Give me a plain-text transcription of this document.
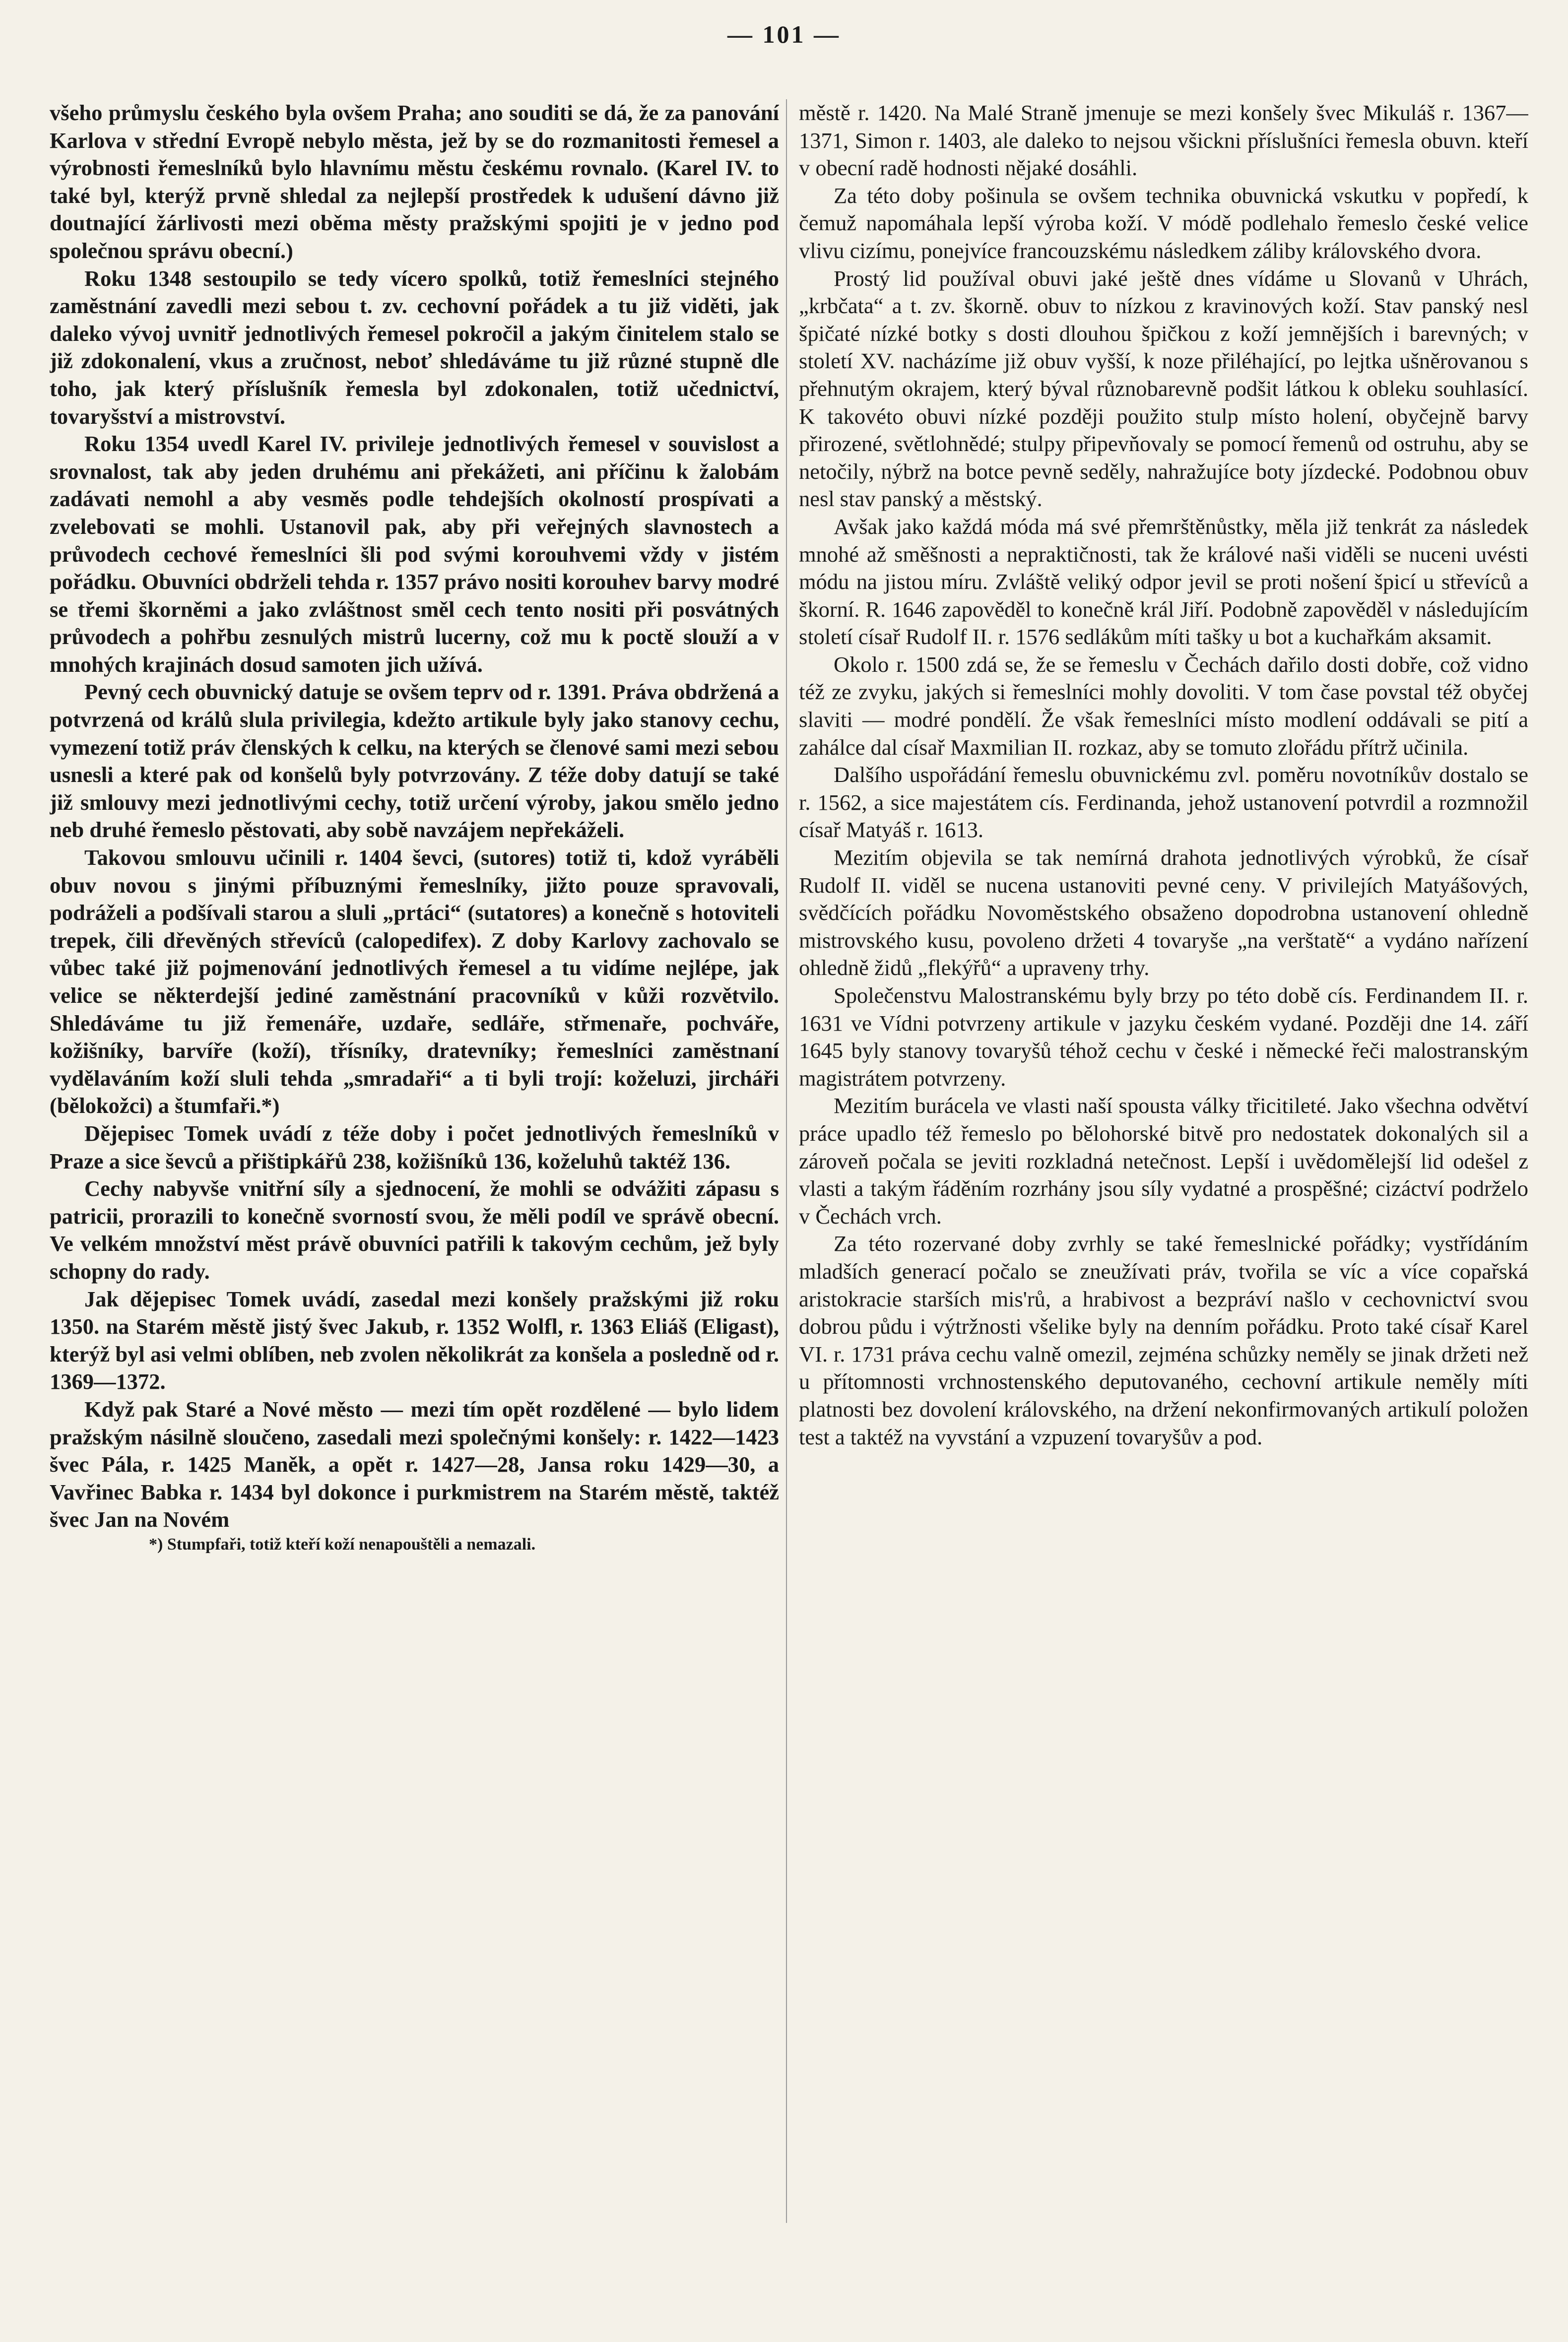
— 101 —

všeho průmyslu českého byla ovšem Praha; ano souditi se dá, že za panování Karlova v střední Evropě nebylo města, jež by se do rozmanitosti řemesel a výrobnosti řemeslníků bylo hlavnímu městu českému rovnalo. (Karel IV. to také byl, kterýž prvně shledal za nejlepší prostředek k udušení dávno již doutnající žárlivosti mezi oběma městy pražskými spojiti je v jedno pod společnou správu obecní.)

Roku 1348 sestoupilo se tedy vícero spolků, totiž řemeslníci stejného zaměstnání zavedli mezi sebou t. zv. cechovní pořádek a tu již viděti, jak daleko vývoj uvnitř jednotlivých řemesel pokročil a jakým činitelem stalo se již zdokonalení, vkus a zručnost, neboť shledáváme tu již různé stupně dle toho, jak který příslušník řemesla byl zdokonalen, totiž učednictví, tovaryšství a mistrovství.

Roku 1354 uvedl Karel IV. privileje jednotlivých řemesel v souvislost a srovnalost, tak aby jeden druhému ani překážeti, ani příčinu k žalobám zadávati nemohl a aby vesměs podle tehdejších okolností prospívati a zvelebovati se mohli. Ustanovil pak, aby při veřejných slavnostech a průvodech cechové řemeslníci šli pod svými korouhvemi vždy v jistém pořádku. Obuvníci obdrželi tehda r. 1357 právo nositi korouhev barvy modré se třemi škorněmi a jako zvláštnost směl cech tento nositi při posvátných průvodech a pohřbu zesnulých mistrů lucerny, což mu k poctě slouží a v mnohých krajinách dosud samoten jich užívá.

Pevný cech obuvnický datuje se ovšem teprv od r. 1391. Práva obdržená a potvrzená od králů slula privilegia, kdežto artikule byly jako stanovy cechu, vymezení totiž práv členských k celku, na kterých se členové sami mezi sebou usnesli a které pak od konšelů byly potvrzovány. Z téže doby datují se také již smlouvy mezi jednotlivými cechy, totiž určení výroby, jakou smělo jedno neb druhé řemeslo pěstovati, aby sobě navzájem nepřekáželi.

Takovou smlouvu učinili r. 1404 ševci, (sutores) totiž ti, kdož vyráběli obuv novou s jinými příbuznými řemeslníky, jižto pouze spravovali, podráželi a podšívali starou a sluli „prtáci“ (sutatores) a konečně s hotoviteli trepek, čili dřevěných střevíců (calopedifex). Z doby Karlovy zachovalo se vůbec také již pojmenování jednotlivých řemesel a tu vidíme nejlépe, jak velice se některdejší jediné zaměstnání pracovníků v kůži rozvětvilo. Shledáváme tu již řemenáře, uzdaře, sedláře, střmenaře, pochváře, kožišníky, barvíře (koží), třísníky, dratevníky; řemeslníci zaměstnaní vydělaváním koží sluli tehda „smradaři“ a ti byli trojí: koželuzi, jircháři (bělokožci) a štumfaři.*)

Dějepisec Tomek uvádí z téže doby i počet jednotlivých řemeslníků v Praze a sice ševců a přištipkářů 238, kožišníků 136, koželuhů taktéž 136.

Cechy nabyvše vnitřní síly a sjednocení, že mohli se odvážiti zápasu s patricii, prorazili to konečně svorností svou, že měli podíl ve správě obecní. Ve velkém množství měst právě obuvníci patřili k takovým cechům, jež byly schopny do rady.

Jak dějepisec Tomek uvádí, zasedal mezi konšely pražskými již roku 1350. na Starém městě jistý švec Jakub, r. 1352 Wolfl, r. 1363 Eliáš (Eligast), kterýž byl asi velmi oblíben, neb zvolen několikrát za konšela a posledně od r. 1369—1372.

Když pak Staré a Nové město — mezi tím opět rozdělené — bylo lidem pražským násilně sloučeno, zasedali mezi společnými konšely: r. 1422—1423 švec Pála, r. 1425 Maněk, a opět r. 1427—28, Jansa roku 1429—30, a Vavřinec Babka r. 1434 byl dokonce i purkmistrem na Starém městě, taktéž švec Jan na Novém

*) Stumpfaři, totiž kteří koží nenapouštěli a nemazali.

městě r. 1420. Na Malé Straně jmenuje se mezi konšely švec Mikuláš r. 1367—1371, Simon r. 1403, ale daleko to nejsou všickni příslušníci řemesla obuvn. kteří v obecní radě hodnosti nějaké dosáhli.

Za této doby pošinula se ovšem technika obuvnická vskutku v popředí, k čemuž napomáhala lepší výroba koží. V módě podlehalo řemeslo české velice vlivu cizímu, ponejvíce francouzskému následkem záliby královského dvora.

Prostý lid používal obuvi jaké ještě dnes vídáme u Slovanů v Uhrách, „krbčata“ a t. zv. škorně. obuv to nízkou z kravinových koží. Stav panský nesl špičaté nízké botky s dosti dlouhou špičkou z koží jemnějších i barevných; v století XV. nacházíme již obuv vyšší, k noze přiléhající, po lejtka ušněrovanou s přehnutým okrajem, který býval různobarevně podšit látkou k obleku souhlasící. K takovéto obuvi nízké později použito stulp místo holení, obyčejně barvy přirozené, světlohnědé; stulpy připevňovaly se pomocí řemenů od ostruhu, aby se netočily, nýbrž na botce pevně seděly, nahražujíce boty jízdecké. Podobnou obuv nesl stav panský a městský.

Avšak jako každá móda má své přemrštěnůstky, měla již tenkrát za následek mnohé až směšnosti a nepraktičnosti, tak že králové naši viděli se nuceni uvésti módu na jistou míru. Zvláště veliký odpor jevil se proti nošení špicí u střevíců a škorní. R. 1646 zapověděl to konečně král Jiří. Podobně zapověděl v následujícím století císař Rudolf II. r. 1576 sedlákům míti tašky u bot a kuchařkám aksamit.

Okolo r. 1500 zdá se, že se řemeslu v Čechách dařilo dosti dobře, což vidno též ze zvyku, jakých si řemeslníci mohly dovoliti. V tom čase povstal též obyčej slaviti — modré pondělí. Že však řemeslníci místo modlení oddávali se pití a zahálce dal císař Maxmilian II. rozkaz, aby se tomuto zlořádu přítrž učinila.

Dalšího uspořádání řemeslu obuvnickému zvl. poměru novotníkův dostalo se r. 1562, a sice majestátem cís. Ferdinanda, jehož ustanovení potvrdil a rozmnožil císař Matyáš r. 1613.

Mezitím objevila se tak nemírná drahota jednotlivých výrobků, že císař Rudolf II. viděl se nucena ustanoviti pevné ceny. V privilejích Matyášových, svědčících pořádku Novoměstského obsaženo dopodrobna ustanovení ohledně mistrovského kusu, povoleno držeti 4 tovaryše „na verštatě“ a vydáno nařízení ohledně židů „flekýřů“ a upraveny trhy.

Společenstvu Malostranskému byly brzy po této době cís. Ferdinandem II. r. 1631 ve Vídni potvrzeny artikule v jazyku českém vydané. Později dne 14. září 1645 byly stanovy tovaryšů téhož cechu v české i německé řeči malostranským magistrátem potvrzeny.

Mezitím burácela ve vlasti naší spousta války třicitileté. Jako všechna odvětví práce upadlo též řemeslo po bělohorské bitvě pro nedostatek dokonalých sil a zároveň počala se jeviti rozkladná netečnost. Lepší i uvědomělejší lid odešel z vlasti a takým řáděním rozrhány jsou síly vydatné a prospěšné; cizáctví podrželo v Čechách vrch.

Za této rozervané doby zvrhly se také řemeslnické pořádky; vystřídáním mladších generací počalo se zneužívati práv, tvořila se víc a více copařská aristokracie starších mis'rů, a hrabivost a bezpráví našlo v cechovnictví svou dobrou půdu i výtržnosti všelike byly na denním pořádku. Proto také císař Karel VI. r. 1731 práva cechu valně omezil, zejména schůzky neměly se jinak držeti než u přítomnosti vrchnostenského deputovaného, cechovní artikule neměly míti platnosti bez dovolení královského, na držení nekonfirmovaných artikulí položen test a taktéž na vyvstání a vzpuzení tovaryšův a pod.
